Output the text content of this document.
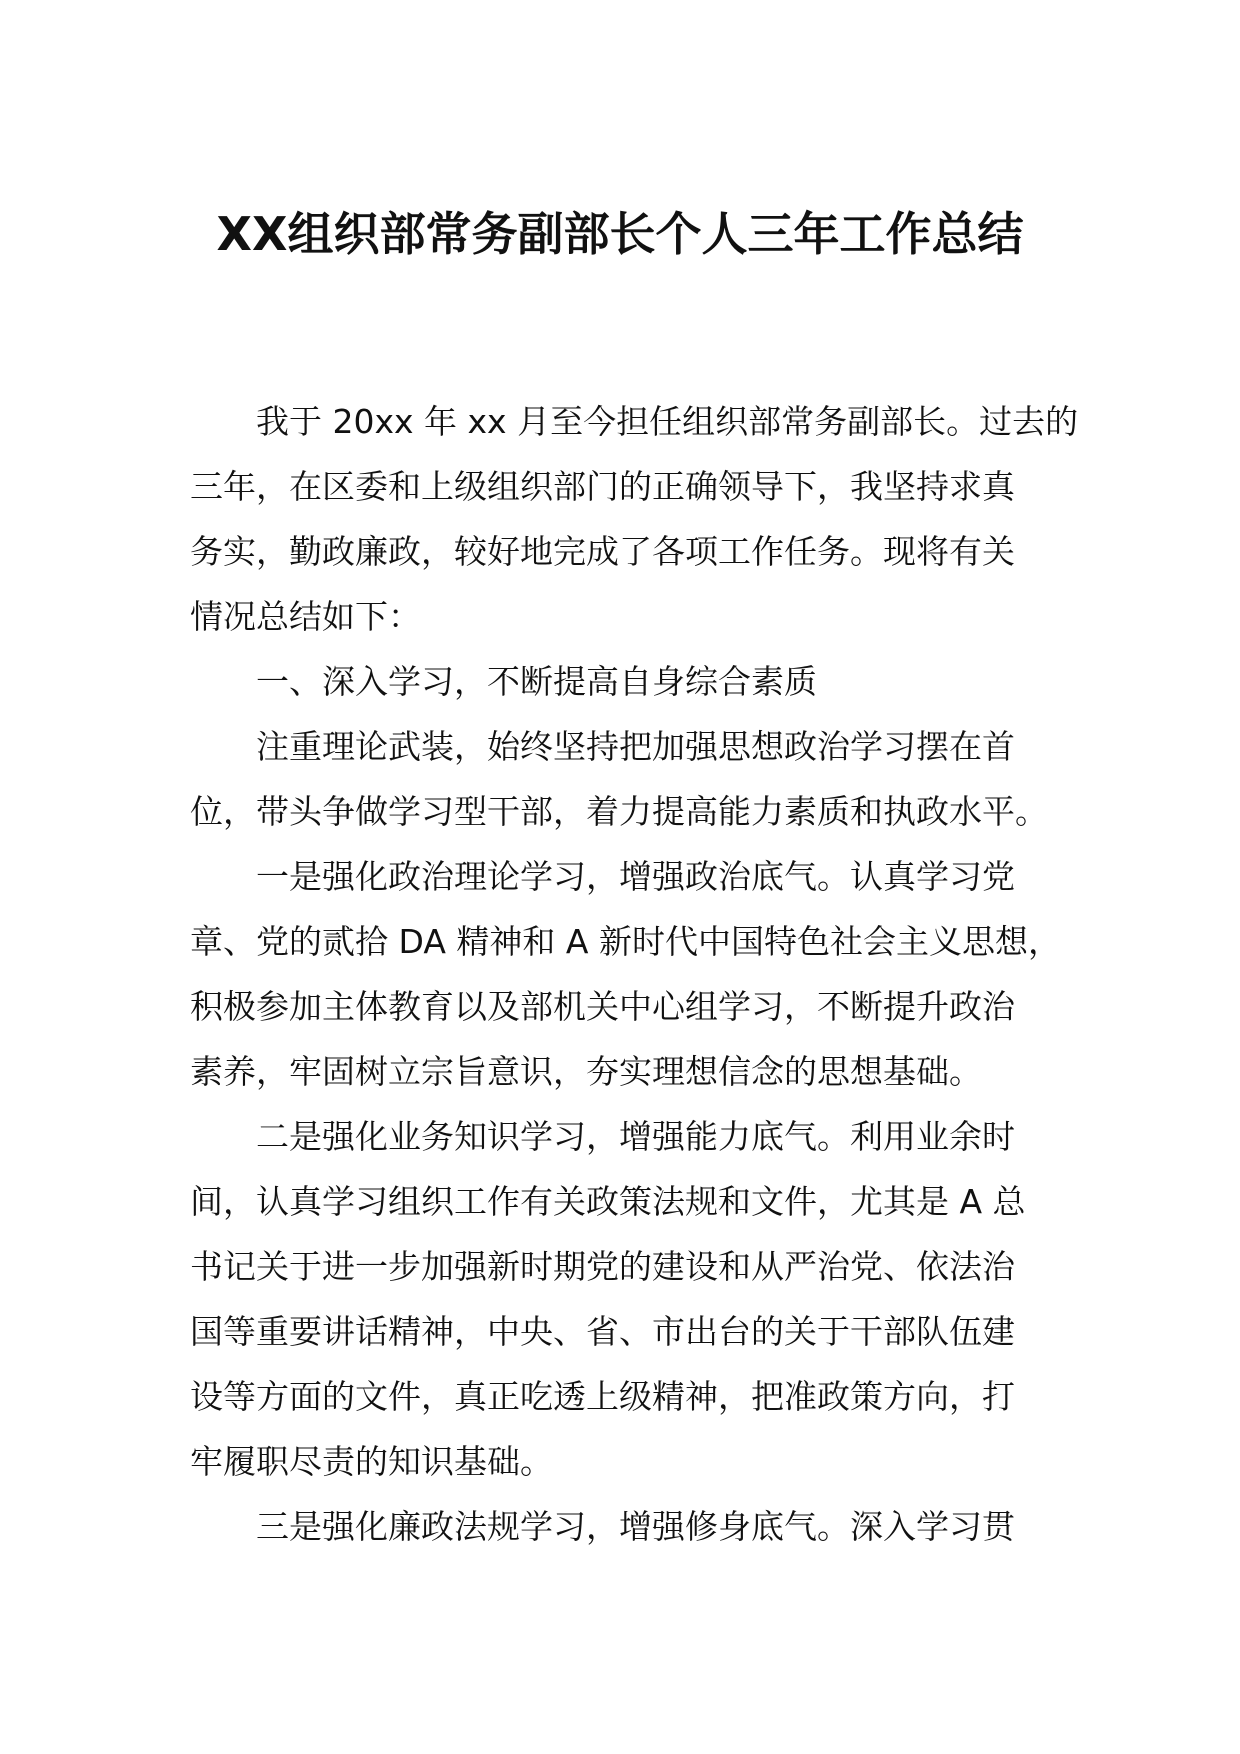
XX组织部常务副部长个人三年工作总结
我于 20xx 年 xx 月至今担任组织部常务副部长。过去的
三年，在区委和上级组织部门的正确领导下，我坚持求真
务实，勤政廉政，较好地完成了各项工作任务。现将有关
情况总结如下：
一、深入学习，不断提高自身综合素质
注重理论武装，始终坚持把加强思想政治学习摆在首
位，带头争做学习型干部，着力提高能力素质和执政水平。
一是强化政治理论学习，增强政治底气。认真学习党
章、党的贰拾 DA 精神和 A 新时代中国特色社会主义思想，
积极参加主体教育以及部机关中心组学习，不断提升政治
素养，牢固树立宗旨意识，夯实理想信念的思想基础。
二是强化业务知识学习，增强能力底气。利用业余时
间，认真学习组织工作有关政策法规和文件，尤其是 A 总
书记关于进一步加强新时期党的建设和从严治党、依法治
国等重要讲话精神，中央、省、市出台的关于干部队伍建
设等方面的文件，真正吃透上级精神，把准政策方向，打
牢履职尽责的知识基础。
三是强化廉政法规学习，增强修身底气。深入学习贯
